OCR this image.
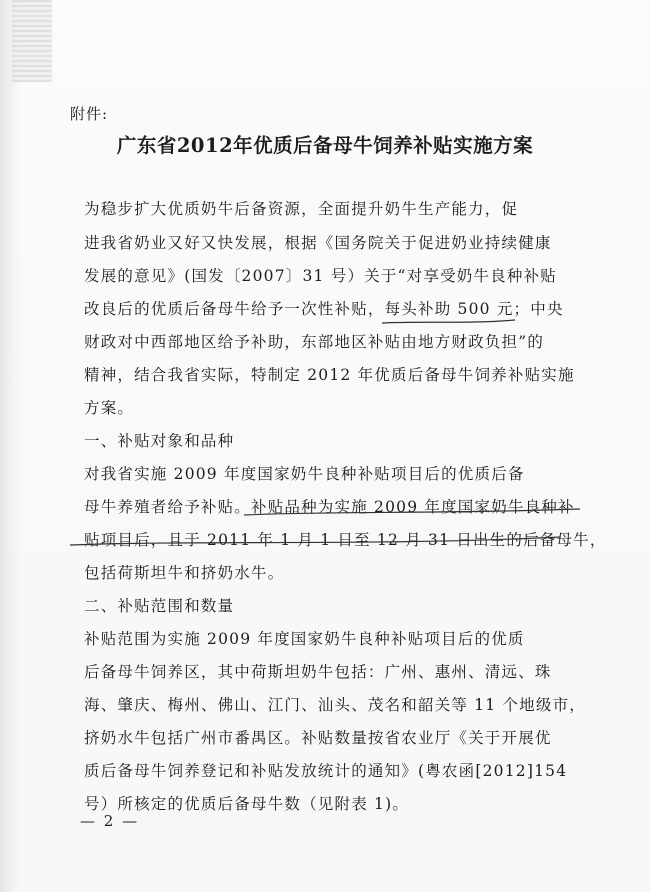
附件:
广东省2012年优质后备母牛饲养补贴实施方案
为稳步扩大优质奶牛后备资源，全面提升奶牛生产能力，促
进我省奶业又好又快发展，根据《国务院关于促进奶业持续健康
发展的意见》(国发〔2007〕31 号）关于“对享受奶牛良种补贴
改良后的优质后备母牛给予一次性补贴，每头补助 500 元；中央
财政对中西部地区给予补助，东部地区补贴由地方财政负担”的
精神，结合我省实际，特制定 2012 年优质后备母牛饲养补贴实施
方案。
一、补贴对象和品种
对我省实施 2009 年度国家奶牛良种补贴项目后的优质后备
母牛养殖者给予补贴。补贴品种为实施 2009 年度国家奶牛良种补
贴项目后，且于 2011 年 1 月 1 日至 12 月 31 日出生的后备母牛，
包括荷斯坦牛和挤奶水牛。
二、补贴范围和数量
补贴范围为实施 2009 年度国家奶牛良种补贴项目后的优质
后备母牛饲养区，其中荷斯坦奶牛包括：广州、惠州、清远、珠
海、肇庆、梅州、佛山、江门、汕头、茂名和韶关等 11 个地级市，
挤奶水牛包括广州市番禺区。补贴数量按省农业厅《关于开展优
质后备母牛饲养登记和补贴发放统计的通知》(粤农函[2012]154
号）所核定的优质后备母牛数（见附表 1)。
— 2 —
